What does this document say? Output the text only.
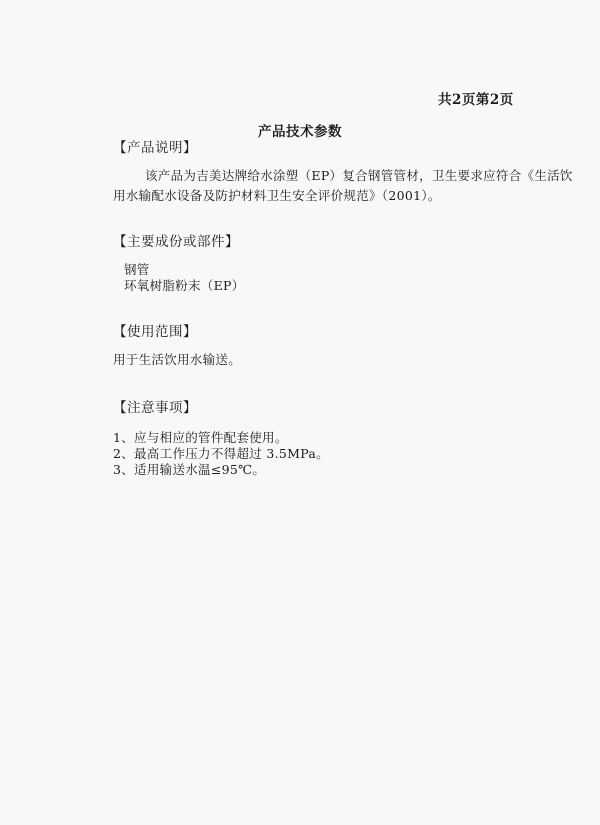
共2页第2页
产品技术参数
【产品说明】
该产品为吉美达牌给水涂塑（EP）复合钢管管材，卫生要求应符合《生活饮
用水输配水设备及防护材料卫生安全评价规范》（2001）。
【主要成份或部件】
钢管
环氧树脂粉末（EP）
【使用范围】
用于生活饮用水输送。
【注意事项】
1、应与相应的管件配套使用。
2、最高工作压力不得超过 3.5MPa。
3、适用输送水温≤95℃。
